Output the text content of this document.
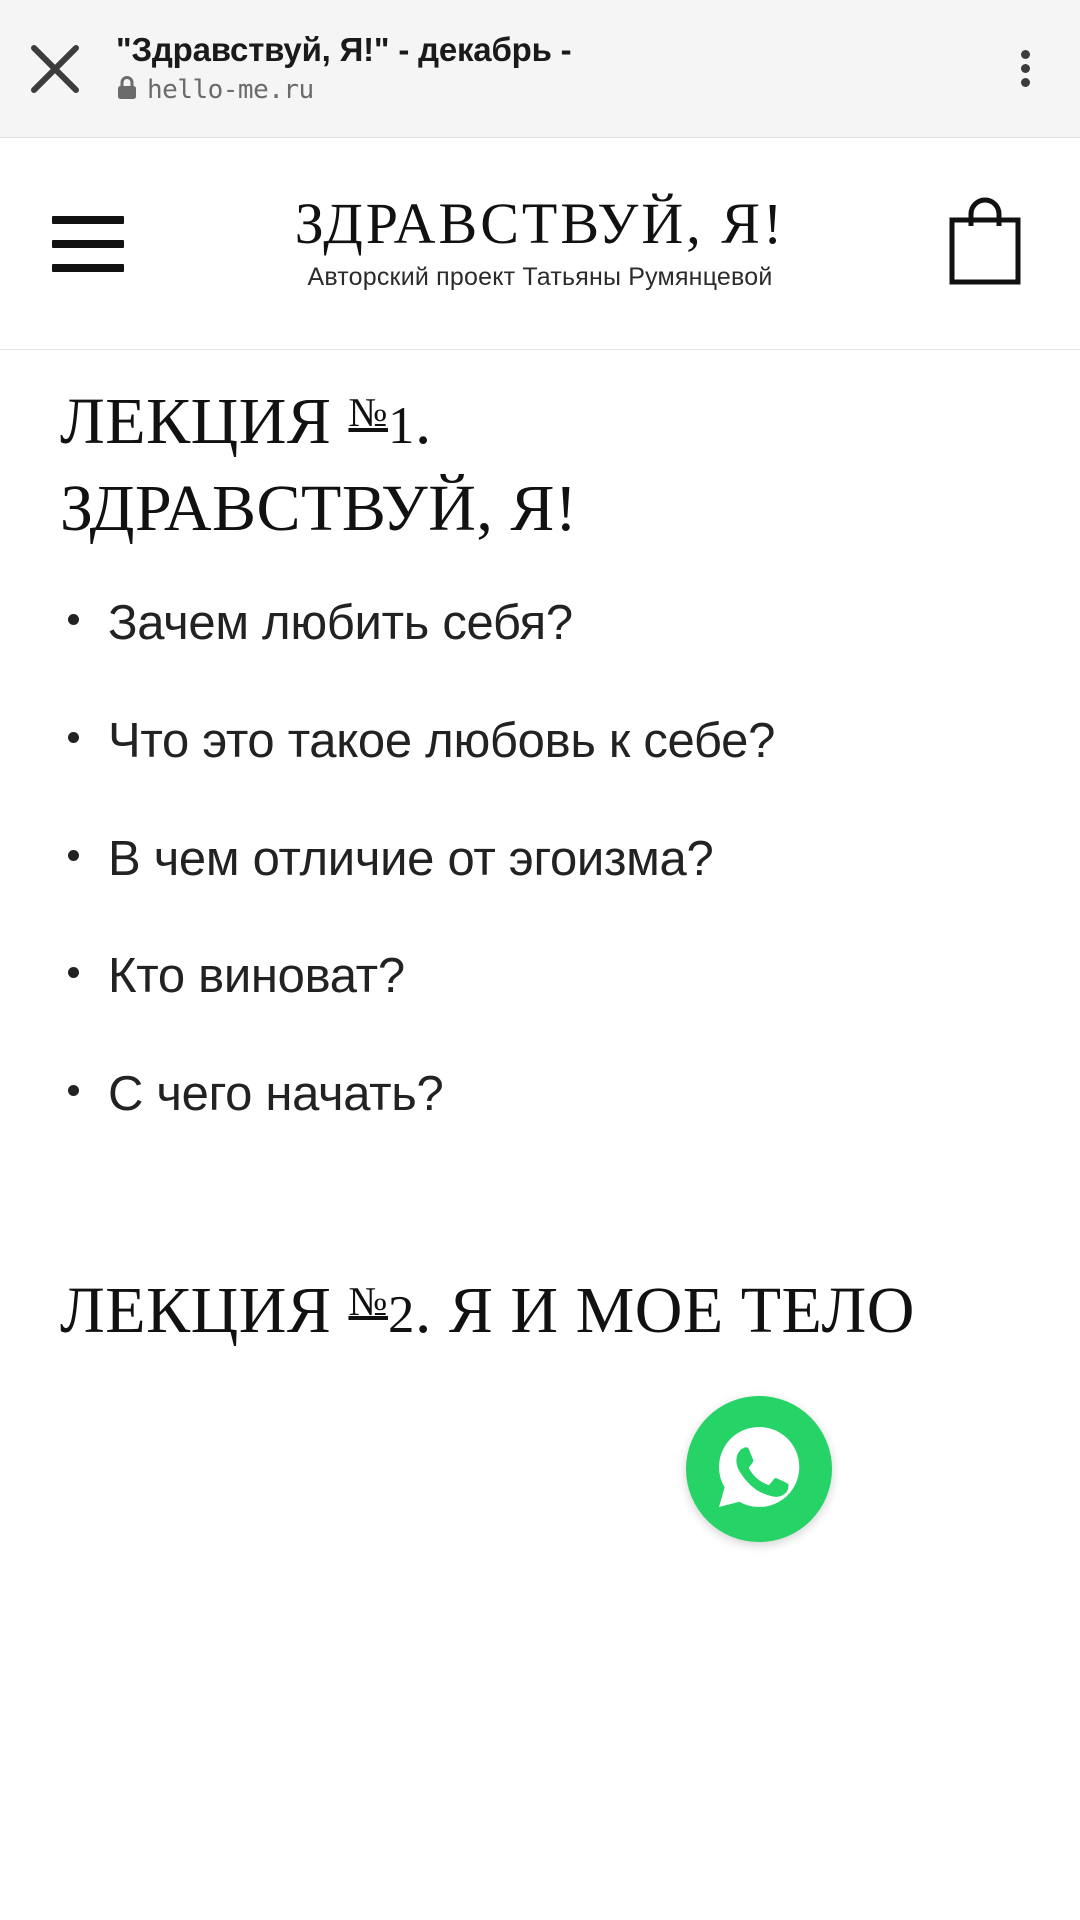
"Здравствуй, Я!" - декабрь -
hello-me.ru
ЗДРАВСТВУЙ, Я!
Авторский проект Татьяны Румянцевой
ЛЕКЦИЯ №1.
ЗДРАВСТВУЙ, Я!
Зачем любить себя?
Что это такое любовь к себе?
В чем отличие от эгоизма?
Кто виноват?
С чего начать?
ЛЕКЦИЯ №2. Я И МОЕ ТЕЛО
